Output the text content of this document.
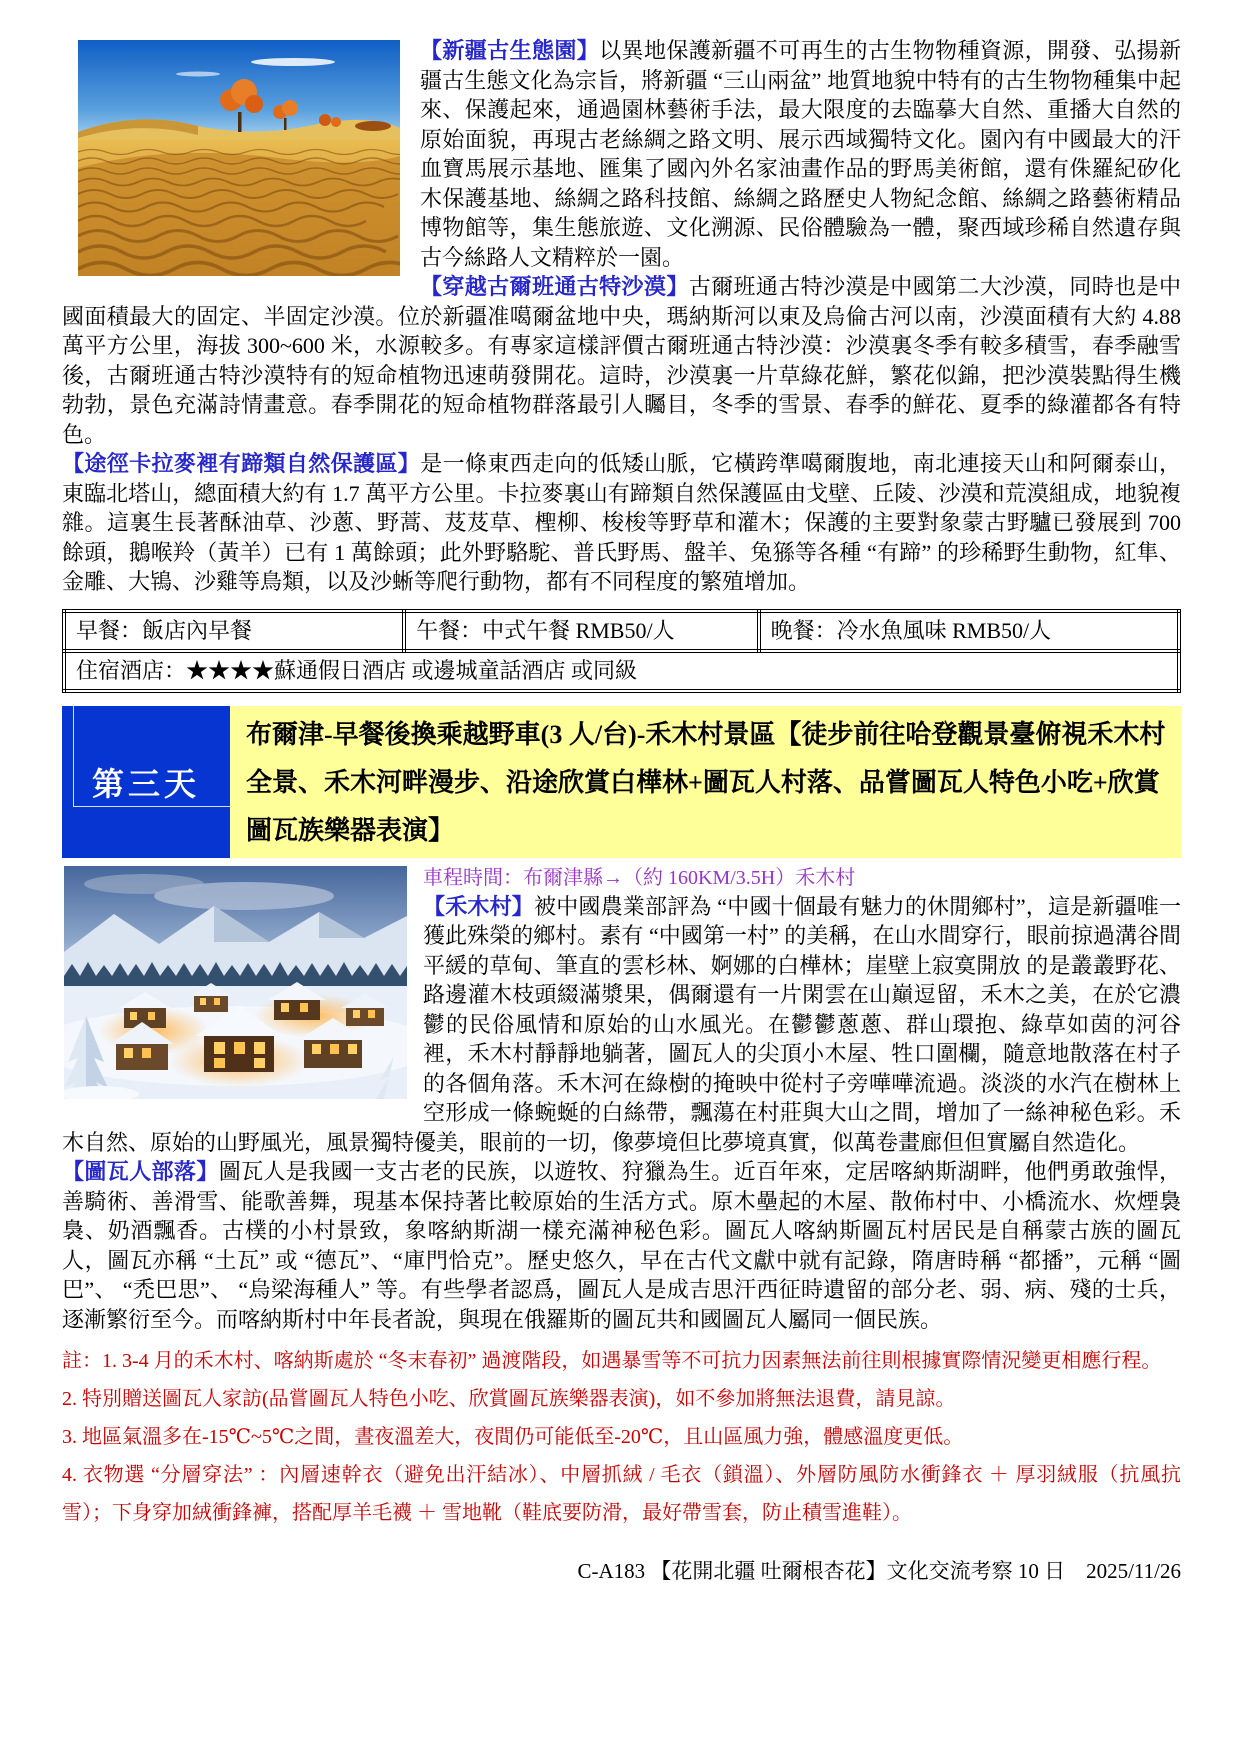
【新疆古生態園】以異地保護新疆不可再生的古生物物種資源，開發、弘揚新疆古生態文化為宗旨，將新疆 “三山兩盆” 地質地貌中特有的古生物物種集中起來、保護起來，通過園林藝術手法，最大限度的去臨摹大自然、重播大自然的原始面貌，再現古老絲綢之路文明、展示西域獨特文化。園內有中國最大的汗血寶馬展示基地、匯集了國內外名家油畫作品的野馬美術館，還有侏羅紀矽化木保護基地、絲綢之路科技館、絲綢之路歷史人物紀念館、絲綢之路藝術精品博物館等，集生態旅遊、文化溯源、民俗體驗為一體，聚西域珍稀自然遺存與古今絲路人文精粹於一園。

【穿越古爾班通古特沙漠】古爾班通古特沙漠是中國第二大沙漠，同時也是中國面積最大的固定、半固定沙漠。位於新疆准噶爾盆地中央，瑪納斯河以東及烏倫古河以南，沙漠面積有大約 4.88 萬平方公里，海拔 300~600 米，水源較多。有專家這樣評價古爾班通古特沙漠：沙漠裏冬季有較多積雪，春季融雪後，古爾班通古特沙漠特有的短命植物迅速萌發開花。這時，沙漠裏一片草綠花鮮，繁花似錦，把沙漠裝點得生機勃勃，景色充滿詩情畫意。春季開花的短命植物群落最引人矚目，冬季的雪景、春季的鮮花、夏季的綠灌都各有特色。

【途徑卡拉麥裡有蹄類自然保護區】是一條東西走向的低矮山脈，它橫跨準噶爾腹地，南北連接天山和阿爾泰山，東臨北塔山，總面積大約有 1.7 萬平方公里。卡拉麥裏山有蹄類自然保護區由戈壁、丘陵、沙漠和荒漠組成，地貌複雜。這裏生長著酥油草、沙蔥、野蒿、芨芨草、檉柳、梭梭等野草和灌木；保護的主要對象蒙古野驢已發展到 700 餘頭，鵝喉羚（黃羊）已有 1 萬餘頭；此外野駱駝、普氏野馬、盤羊、兔猻等各種 “有蹄” 的珍稀野生動物，紅隼、金雕、大鴇、沙雞等鳥類，以及沙蜥等爬行動物，都有不同程度的繁殖增加。

早餐：飯店內早餐	午餐：中式午餐 RMB50/人	晚餐：冷水魚風味 RMB50/人
住宿酒店：★★★★蘇通假日酒店 或邊城童話酒店 或同級
第三天
布爾津-早餐後換乘越野車(3 人/台)-禾木村景區【徒步前往哈登觀景臺俯視禾木村全景、禾木河畔漫步、沿途欣賞白樺林+圖瓦人村落、品嘗圖瓦人特色小吃+欣賞圖瓦族樂器表演】

車程時間：布爾津縣→（約 160KM/3.5H）禾木村

【禾木村】被中國農業部評為 “中國十個最有魅力的休閒鄉村”，這是新疆唯一獲此殊榮的鄉村。素有 “中國第一村” 的美稱，在山水間穿行，眼前掠過溝谷間平緩的草甸、筆直的雲杉林、婀娜的白樺林；崖壁上寂寞開放 的是叢叢野花、路邊灌木枝頭綴滿漿果，偶爾還有一片閑雲在山巔逗留，禾木之美，在於它濃鬱的民俗風情和原始的山水風光。在鬱鬱蔥蔥、群山環抱、綠草如茵的河谷裡，禾木村靜靜地躺著，圖瓦人的尖頂小木屋、牲口圍欄，隨意地散落在村子的各個角落。禾木河在綠樹的掩映中從村子旁嘩嘩流過。淡淡的水汽在樹林上空形成一條蜿蜒的白絲帶，飄蕩在村莊與大山之間，增加了一絲神秘色彩。禾木自然、原始的山野風光，風景獨特優美，眼前的一切，像夢境但比夢境真實，似萬卷畫廊但但實屬自然造化。

【圖瓦人部落】圖瓦人是我國一支古老的民族，以遊牧、狩獵為生。近百年來，定居喀納斯湖畔，他們勇敢強悍，善騎術、善滑雪、能歌善舞，現基本保持著比較原始的生活方式。原木壘起的木屋、散佈村中、小橋流水、炊煙裊裊、奶酒飄香。古樸的小村景致，象喀納斯湖一樣充滿神秘色彩。圖瓦人喀納斯圖瓦村居民是自稱蒙古族的圖瓦人，圖瓦亦稱 “土瓦” 或 “德瓦”、“庫門恰克”。歷史悠久，早在古代文獻中就有記錄，隋唐時稱 “都播”，元稱 “圖巴”、 “禿巴思”、 “烏梁海種人” 等。有些學者認爲，圖瓦人是成吉思汗西征時遺留的部分老、弱、病、殘的士兵，逐漸繁衍至今。而喀納斯村中年長者說，與現在俄羅斯的圖瓦共和國圖瓦人屬同一個民族。

註：1. 3-4 月的禾木村、喀納斯處於 “冬末春初” 過渡階段，如遇暴雪等不可抗力因素無法前往則根據實際情況變更相應行程。

2. 特別贈送圖瓦人家訪(品嘗圖瓦人特色小吃、欣賞圖瓦族樂器表演)，如不參加將無法退費，請見諒。

3. 地區氣溫多在-15℃~5℃之間，晝夜溫差大，夜間仍可能低至-20℃，且山區風力強，體感溫度更低。

4. 衣物選 “分層穿法” ：內層速幹衣（避免出汗結冰）、中層抓絨 / 毛衣（鎖溫）、外層防風防水衝鋒衣 ＋ 厚羽絨服（抗風抗雪）；下身穿加絨衝鋒褲，搭配厚羊毛襪 ＋ 雪地靴（鞋底要防滑，最好帶雪套，防止積雪進鞋）。

C-A183 【花開北疆 吐爾根杏花】文化交流考察 10 日　2025/11/26
